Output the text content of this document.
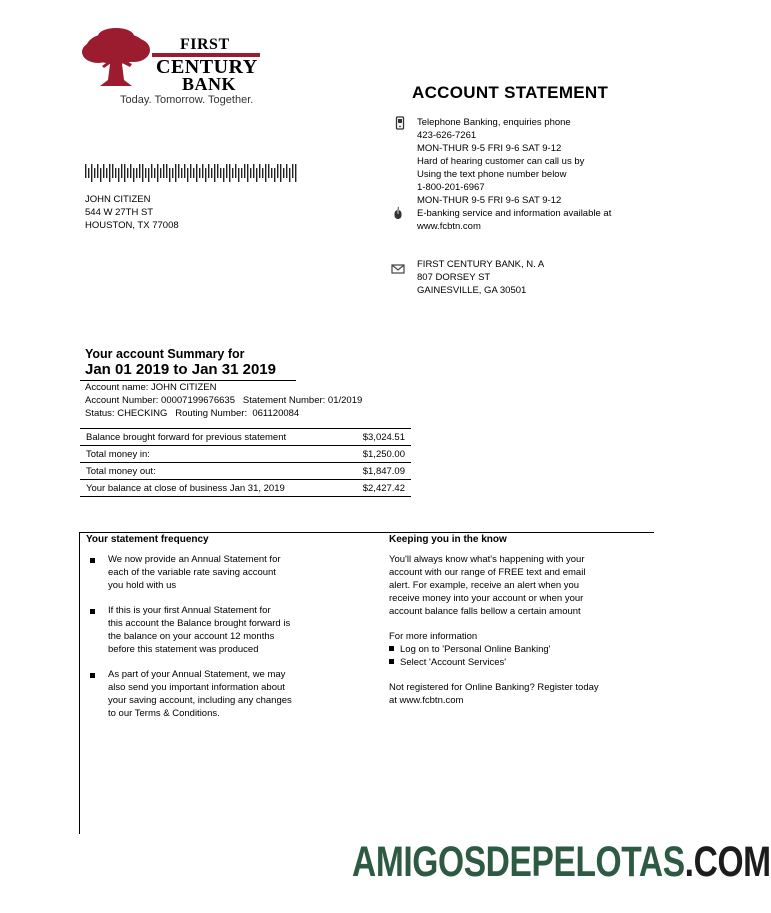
FIRST
CENTURY
BANK
Today. Tomorrow. Together.	ACCOUNT STATEMENT
Telephone Banking, enquiries phone
423-626-7261
MON-THUR 9-5 FRI 9-6 SAT 9-12
Hard of hearing customer can call us by
Using the text phone number below
1-800-201-6967
MON-THUR 9-5 FRI 9-6 SAT 9-12
E-banking service and information available at
www.fcbtn.com
FIRST CENTURY BANK, N. A
807 DORSEY ST
GAINESVILLE, GA 30501
JOHN CITIZEN
544 W 27TH ST
HOUSTON, TX 77008
Your account Summary for
Jan 01 2019 to Jan 31 2019
Account name: JOHN CITIZEN
Account Number: 00007199676635   Statement Number: 01/2019
Status: CHECKING   Routing Number:  061120084
Balance brought forward for previous statement	$3,024.51
Total money in:	$1,250.00
Total money out:	$1,847.09
Your balance at close of business Jan 31, 2019	$2,427.42
Your statement frequency
We now provide an Annual Statement for
each of the variable rate saving account
you hold with us
If this is your first Annual Statement for
this account the Balance brought forward is
the balance on your account 12 months
before this statement was produced
As part of your Annual Statement, we may
also send you important information about
your saving account, including any changes
to our Terms & Conditions.
Keeping you in the know
You'll always know what's happening with your
account with our range of FREE text and email
alert. For example, receive an alert when you
receive money into your account or when your
account balance falls bellow a certain amount
For more information
Log on to 'Personal Online Banking'
Select 'Account Services'
Not registered for Online Banking? Register today
at www.fcbtn.com
AMIGOSDEPELOTAS.COM
